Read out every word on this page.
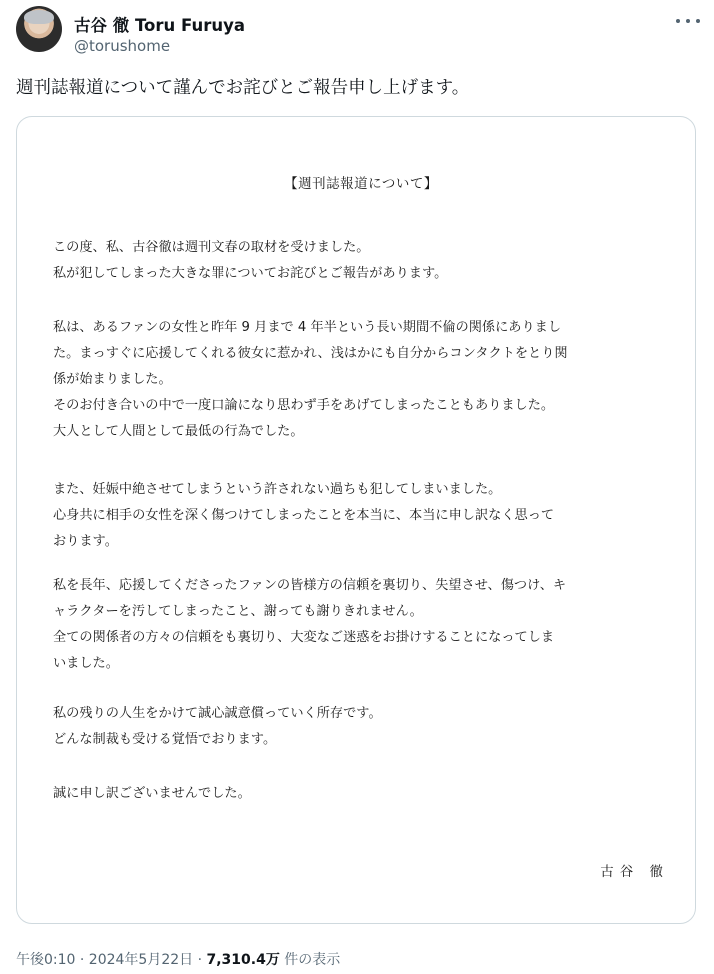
古谷 徹 Toru Furuya
@torushome
週刊誌報道について謹んでお詫びとご報告申し上げます。
【週刊誌報道について】
この度、私、古谷徹は週刊文春の取材を受けました。
私が犯してしまった大きな罪についてお詫びとご報告があります。
私は、あるファンの女性と昨年 9 月まで 4 年半という長い期間不倫の関係にありまし
た。まっすぐに応援してくれる彼女に惹かれ、浅はかにも自分からコンタクトをとり関
係が始まりました。
そのお付き合いの中で一度口論になり思わず手をあげてしまったこともありました。
大人として人間として最低の行為でした。
また、妊娠中絶させてしまうという許されない過ちも犯してしまいました。
心身共に相手の女性を深く傷つけてしまったことを本当に、本当に申し訳なく思って
おります。
私を長年、応援してくださったファンの皆様方の信頼を裏切り、失望させ、傷つけ、キ
ャラクターを汚してしまったこと、謝っても謝りきれません。
全ての関係者の方々の信頼をも裏切り、大変なご迷惑をお掛けすることになってしま
いました。
私の残りの人生をかけて誠心誠意償っていく所存です。
どんな制裁も受ける覚悟でおります。
誠に申し訳ございませんでした。
古谷 徹
午後0:10 · 2024年5月22日 · 7,310.4万 件の表示
